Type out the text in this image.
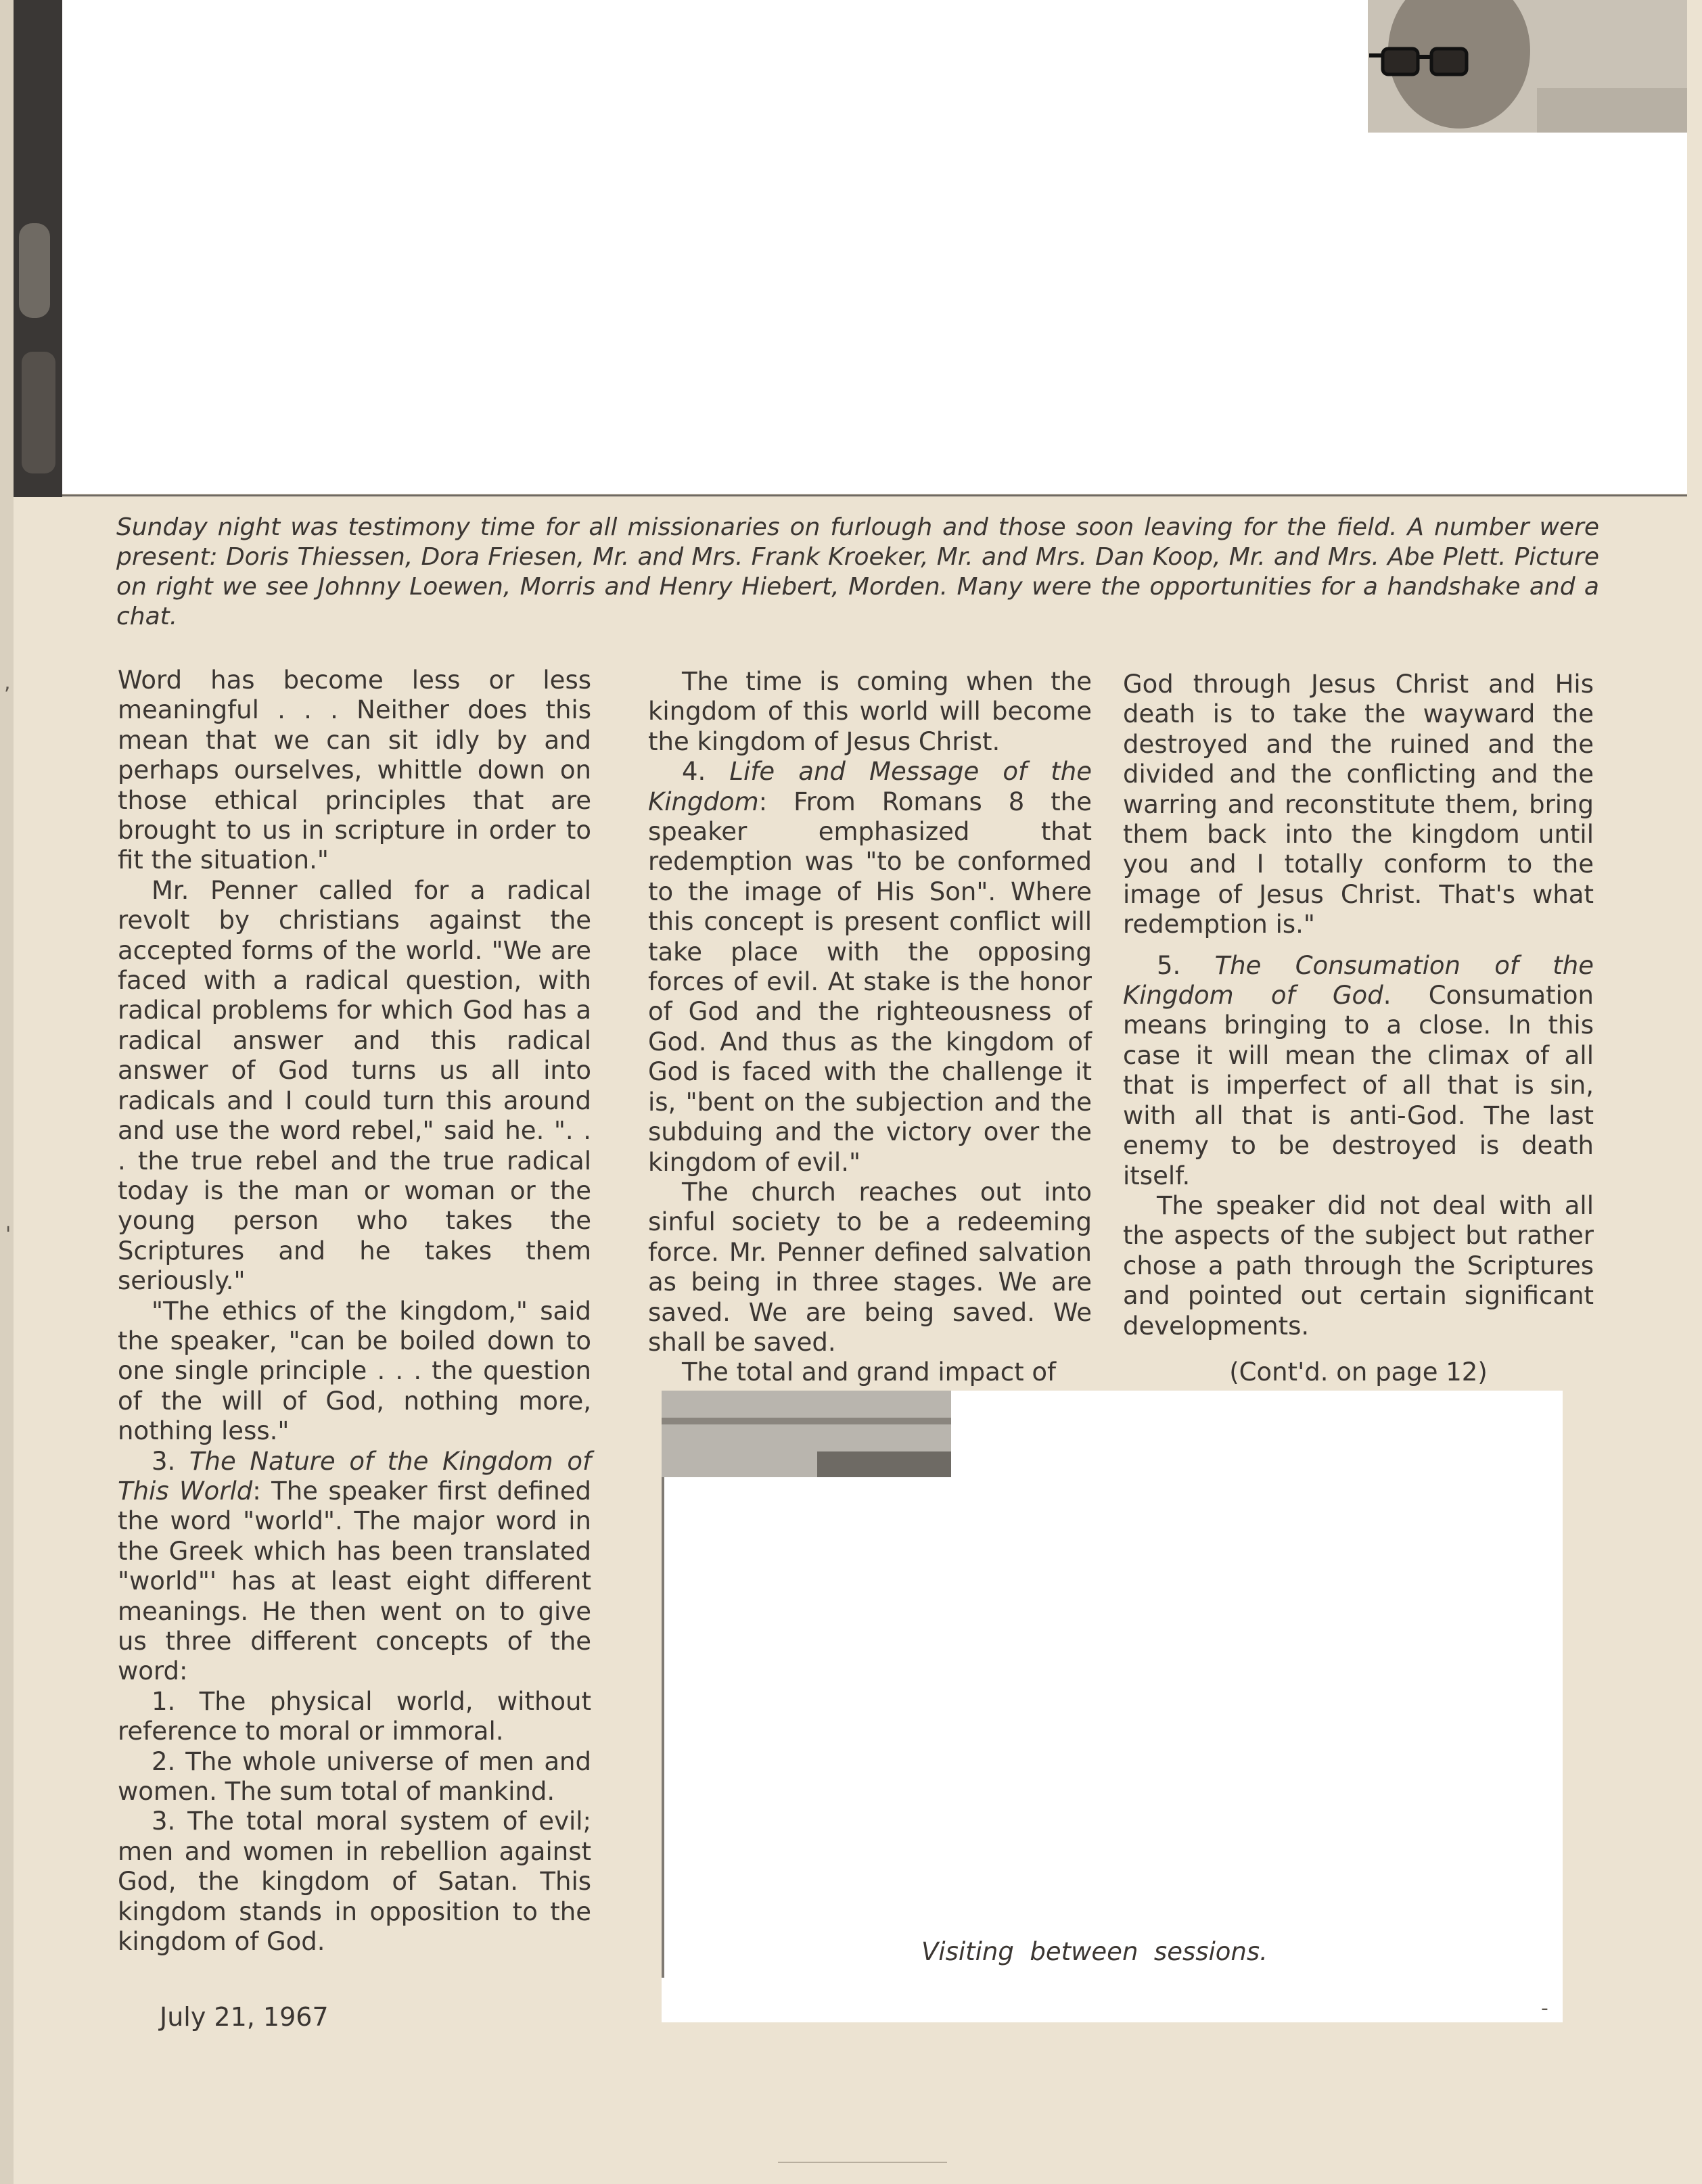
Sunday night was testimony time for all missionaries on furlough and those soon leaving for the field. A number were present: Doris Thiessen, Dora Friesen, Mr. and Mrs. Frank Kroeker, Mr. and Mrs. Dan Koop, Mr. and Mrs. Abe Plett. Picture on right we see Johnny Loewen, Morris and Henry Hiebert, Morden. Many were the opportunities for a handshake and a chat.

Word has become less or less meaningful . . . Neither does this mean that we can sit idly by and perhaps ourselves, whittle down on those ethical principles that are brought to us in scripture in order to fit the situation."

Mr. Penner called for a radical revolt by christians against the accepted forms of the world. "We are faced with a radical question, with radical problems for which God has a radical answer and this radical answer of God turns us all into radicals and I could turn this around and use the word rebel," said he. ". . . the true rebel and the true radical today is the man or woman or the young person who takes the Scriptures and he takes them seriously."

"The ethics of the kingdom," said the speaker, "can be boiled down to one single principle . . . the question of the will of God, nothing more, nothing less."

3. The Nature of the Kingdom of This World: The speaker first defined the word "world". The major word in the Greek which has been translated "world"' has at least eight different meanings. He then went on to give us three different concepts of the word:

1. The physical world, without reference to moral or immoral.

2. The whole universe of men and women. The sum total of mankind.

3. The total moral system of evil; men and women in rebellion against God, the kingdom of Satan. This kingdom stands in opposition to the kingdom of God.

The time is coming when the kingdom of this world will become the kingdom of Jesus Christ.

4. Life and Message of the Kingdom: From Romans 8 the speaker emphasized that redemption was "to be conformed to the image of His Son". Where this concept is present conflict will take place with the opposing forces of evil. At stake is the honor of God and the righteousness of God. And thus as the kingdom of God is faced with the challenge it is, "bent on the subjection and the subduing and the victory over the kingdom of evil."

The church reaches out into sinful society to be a redeeming force. Mr. Penner defined salvation as being in three stages. We are saved. We are being saved. We shall be saved.

The total and grand impact of

God through Jesus Christ and His death is to take the wayward the destroyed and the ruined and the divided and the conflicting and the warring and reconstitute them, bring them back into the kingdom until you and I totally conform to the image of Jesus Christ. That's what redemption is."

5. The Consumation of the Kingdom of God. Consumation means bringing to a close. In this case it will mean the climax of all that is imperfect of all that is sin, with all that is anti-God. The last enemy to be destroyed is death itself.

The speaker did not deal with all the aspects of the subject but rather chose a path through the Scriptures and pointed out certain significant developments.

(Cont'd. on page 12)

Visiting  between  sessions.
July 21, 1967
,
'
-
